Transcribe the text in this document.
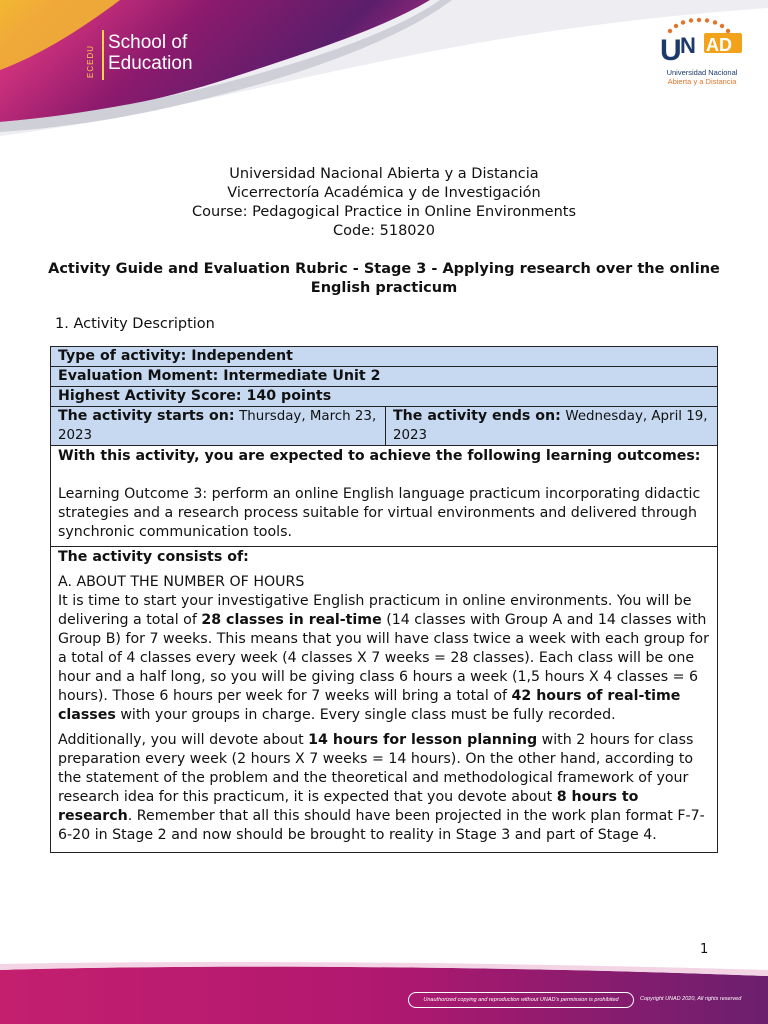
ECEDU
School of
Education	U
N AD
Universidad Nacional
Abierta y a Distancia
Universidad Nacional Abierta y a Distancia
Vicerrectoría Académica y de Investigación
Course: Pedagogical Practice in Online Environments
Code: 518020
Activity Guide and Evaluation Rubric - Stage 3 - Applying research over the online English practicum
1. Activity Description
Type of activity: Independent
Evaluation Moment: Intermediate Unit 2
Highest Activity Score: 140 points
The activity starts on: Thursday, March 23, 2023	The activity ends on: Wednesday, April 19, 2023

With this activity, you are expected to achieve the following learning outcomes:
Learning Outcome 3: perform an online English language practicum incorporating didactic strategies and a research process suitable for virtual environments and delivered through synchronic communication tools.

The activity consists of:
A. ABOUT THE NUMBER OF HOURS

It is time to start your investigative English practicum in online environments. You will be delivering a total of 28 classes in real-time (14 classes with Group A and 14 classes with Group B) for 7 weeks. This means that you will have class twice a week with each group for a total of 4 classes every week (4 classes X 7 weeks = 28 classes). Each class will be one hour and a half long, so you will be giving class 6 hours a week (1,5 hours X 4 classes = 6 hours). Those 6 hours per week for 7 weeks will bring a total of 42 hours of real-time classes with your groups in charge. Every single class must be fully recorded.

Additionally, you will devote about 14 hours for lesson planning with 2 hours for class preparation every week (2 hours X 7 weeks = 14 hours). On the other hand, according to the statement of the problem and the theoretical and methodological framework of your research idea for this practicum, it is expected that you devote about 8 hours to research. Remember that all this should have been projected in the work plan format F-7-6-20 in Stage 2 and now should be brought to reality in Stage 3 and part of Stage 4.

1
Unauthorized copying and reproduction without UNAD's permission is prohibited	Copyright UNAD 2020, All rights reserved
